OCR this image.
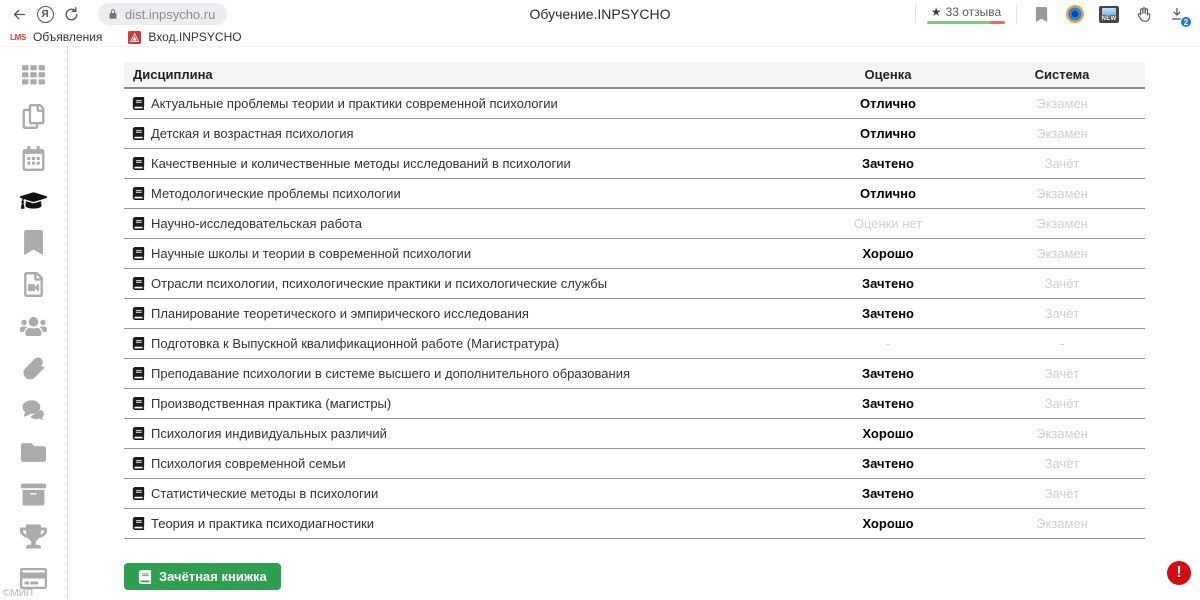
Я	dist.inpsycho.ru	Обучение.INPSYCHO	★ 33 отзыва	NEW	2
LMS Объявления	Вход.INPSYCHO
Дисциплина	Оценка	Система

Актуальные проблемы теории и практики современной психологии	Отлично	Экзамен

Детская и возрастная психология	Отлично	Экзамен

Качественные и количественные методы исследований в психологии	Зачтено	Зачёт

Методологические проблемы психологии	Отлично	Экзамен

Научно-исследовательская работа	Оценки нет	Экзамен

Научные школы и теории в современной психологии	Хорошо	Экзамен

Отрасли психологии, психологические практики и психологические службы	Зачтено	Зачёт

Планирование теоретического и эмпирического исследования	Зачтено	Зачёт

Подготовка к Выпускной квалификационной работе (Магистратура)	-	-

Преподавание психологии в системе высшего и дополнительного образования	Зачтено	Зачёт

Производственная практика (магистры)	Зачтено	Зачёт

Психология индивидуальных различий	Хорошо	Экзамен

Психология современной семьи	Зачтено	Зачёт

Статистические методы в психологии	Зачтено	Зачёт

Теория и практика психодиагностики	Хорошо	Экзамен
Зачётная книжка
©МИП
!
